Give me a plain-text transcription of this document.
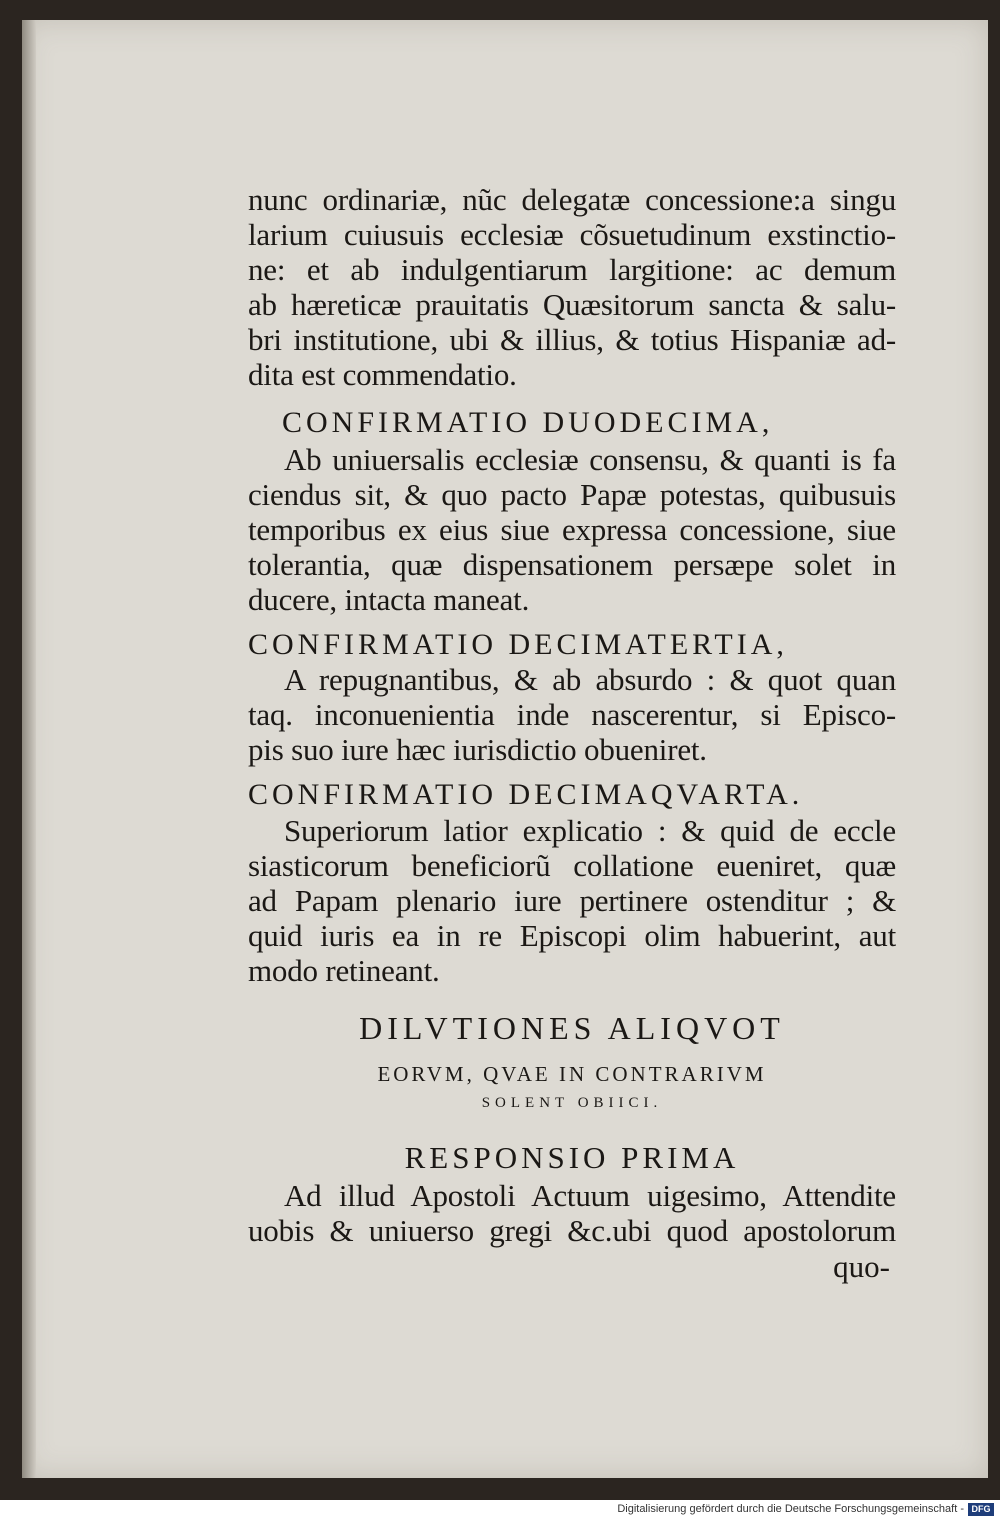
nunc ordinariæ, nũc delegatæ concessione:a singu
larium cuiusuis ecclesiæ cõsuetudinum exstinctio-
ne: et ab indulgentiarum largitione: ac demum
ab hæreticæ prauitatis Quæsitorum sancta & salu-
bri institutione, ubi & illius, & totius Hispaniæ ad-
dita est commendatio.
CONFIRMATIO DUODECIMA,
Ab uniuersalis ecclesiæ consensu, & quanti is fa
ciendus sit, & quo pacto Papæ potestas, quibusuis
temporibus ex eius siue expressa concessione, siue
tolerantia, quæ dispensationem persæpe solet in
ducere, intacta maneat.
CONFIRMATIO DECIMATERTIA,
A repugnantibus, & ab absurdo : & quot quan
taq. inconuenientia inde nascerentur, si Episco-
pis suo iure hæc iurisdictio obueniret.
CONFIRMATIO DECIMAQVARTA.
Superiorum latior explicatio : & quid de eccle
siasticorum beneficiorũ collatione eueniret, quæ
ad Papam plenario iure pertinere ostenditur ; &
quid iuris ea in re Episcopi olim habuerint, aut
modo retineant.
DILVTIONES ALIQVOT
EORVM, QVAE IN CONTRARIVM
SOLENT OBIICI.
RESPONSIO PRIMA
Ad illud Apostoli Actuum uigesimo, Attendite
uobis & uniuerso gregi &c.ubi quod apostolorum
quo-
Digitalisierung gefördert durch die Deutsche Forschungsgemeinschaft - DFG
